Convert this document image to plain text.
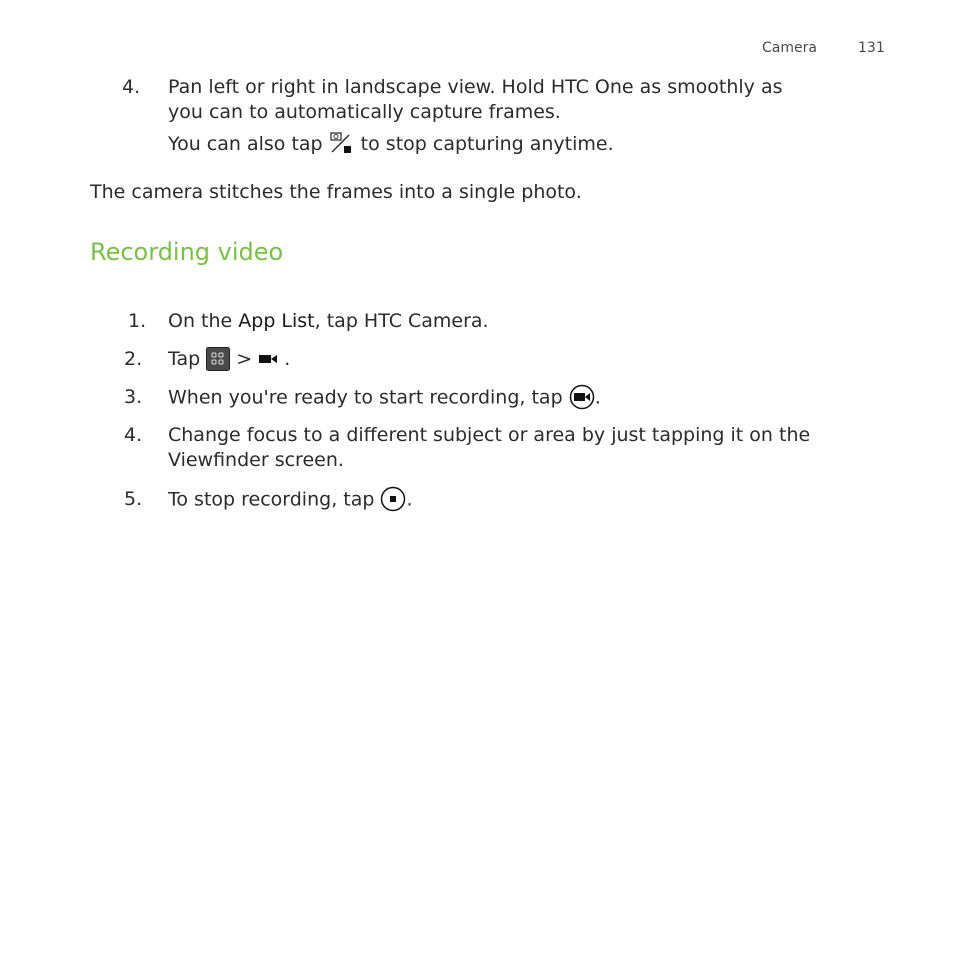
Camera	131
4. Pan left or right in landscape view. Hold HTC One as smoothly as
you can to automatically capture frames.
You can also tap
to stop capturing anytime.
The camera stitches the frames into a single photo.
Recording video
1. On the App List, tap HTC Camera.
2. Tap
>
.
3. When you're ready to start recording, tap
.
4. Change focus to a different subject or area by just tapping it on the
Viewfinder screen.
5. To stop recording, tap
.
